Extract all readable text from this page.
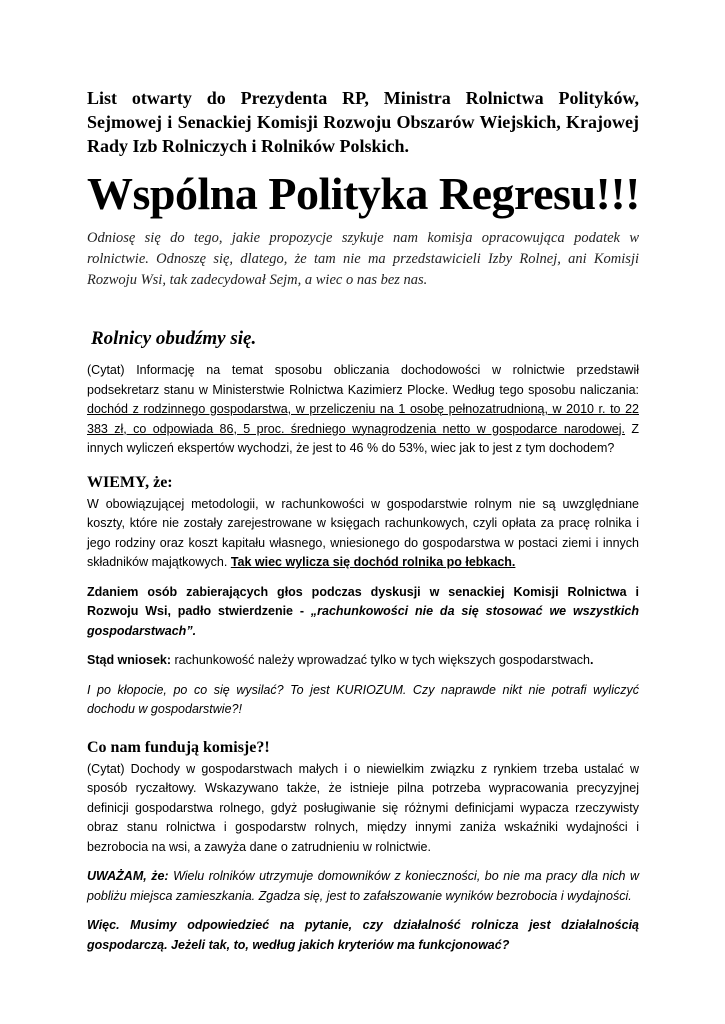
List otwarty do Prezydenta RP, Ministra Rolnictwa Polityków, Sejmowej i Senackiej Komisji Rozwoju Obszarów Wiejskich, Krajowej Rady Izb Rolniczych i Rolników Polskich.

Wspólna Polityka Regresu!!!

Odniosę się do tego, jakie propozycje szykuje nam komisja opracowująca podatek w rolnictwie. Odnoszę się, dlatego, że tam nie ma przedstawicieli Izby Rolnej, ani Komisji Rozwoju Wsi, tak zadecydował Sejm, a wiec o nas bez nas.

Rolnicy obudźmy się.

(Cytat) Informację na temat sposobu obliczania dochodowości w rolnictwie przedstawił podsekretarz stanu w Ministerstwie Rolnictwa Kazimierz Plocke. Według tego sposobu naliczania: dochód z rodzinnego gospodarstwa, w przeliczeniu na 1 osobę pełnozatrudnioną, w 2010 r. to 22 383 zł, co odpowiada 86, 5 proc. średniego wynagrodzenia netto w gospodarce narodowej. Z innych wyliczeń ekspertów wychodzi, że jest to 46 % do 53%, wiec jak to jest z tym dochodem?

WIEMY, że:

W obowiązującej metodologii, w rachunkowości w gospodarstwie rolnym nie są uwzględniane koszty, które nie zostały zarejestrowane w księgach rachunkowych, czyli opłata za pracę rolnika i jego rodziny oraz koszt kapitału własnego, wniesionego do gospodarstwa w postaci ziemi i innych składników majątkowych. Tak wiec wylicza się dochód rolnika po łebkach.

Zdaniem osób zabierających głos podczas dyskusji w senackiej Komisji Rolnictwa i Rozwoju Wsi, padło stwierdzenie - „rachunkowości nie da się stosować we wszystkich gospodarstwach”.

Stąd wniosek: rachunkowość należy wprowadzać tylko w tych większych gospodarstwach.

I po kłopocie, po co się wysilać? To jest KURIOZUM. Czy naprawde nikt nie potrafi wyliczyć dochodu w gospodarstwie?!

Co nam fundują komisje?!

(Cytat) Dochody w gospodarstwach małych i o niewielkim związku z rynkiem trzeba ustalać w sposób ryczałtowy. Wskazywano także, że istnieje pilna potrzeba wypracowania precyzyjnej definicji gospodarstwa rolnego, gdyż posługiwanie się różnymi definicjami wypacza rzeczywisty obraz stanu rolnictwa i gospodarstw rolnych, między innymi zaniża wskaźniki wydajności i bezrobocia na wsi, a zawyża dane o zatrudnieniu w rolnictwie.

UWAŻAM, że: Wielu rolników utrzymuje domowników z konieczności, bo nie ma pracy dla nich w pobliżu miejsca zamieszkania. Zgadza się, jest to zafałszowanie wyników bezrobocia i wydajności.

Więc. Musimy odpowiedzieć na pytanie, czy działalność rolnicza jest działalnością gospodarczą. Jeżeli tak, to, według jakich kryteriów ma funkcjonować?
